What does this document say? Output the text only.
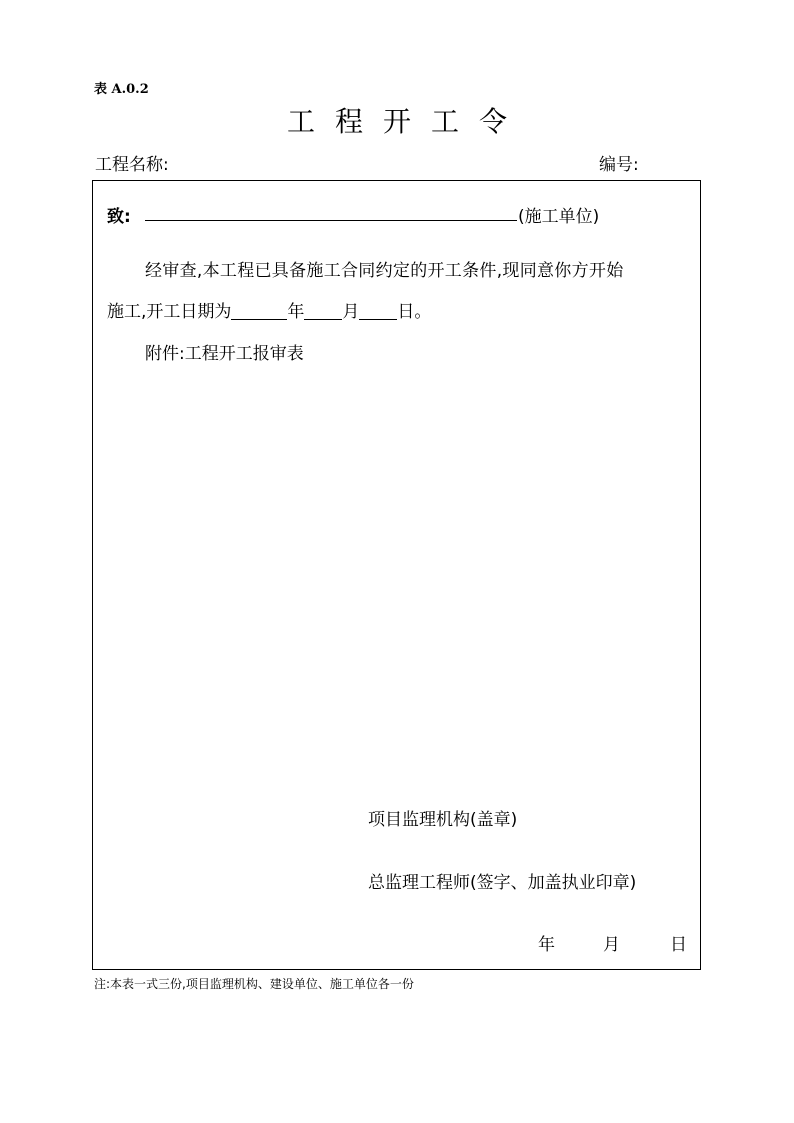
表 A.0.2
工程开工令
工程名称:	编号:
致:	(施工单位)
经审查,本工程已具备施工合同约定的开工条件,现同意你方开始
施工,开工日期为	年 月 日。
附件:工程开工报审表
项目监理机构(盖章)
总监理工程师(签字、加盖执业印章)
年	月	日
注:本表一式三份,项目监理机构、建设单位、施工单位各一份
